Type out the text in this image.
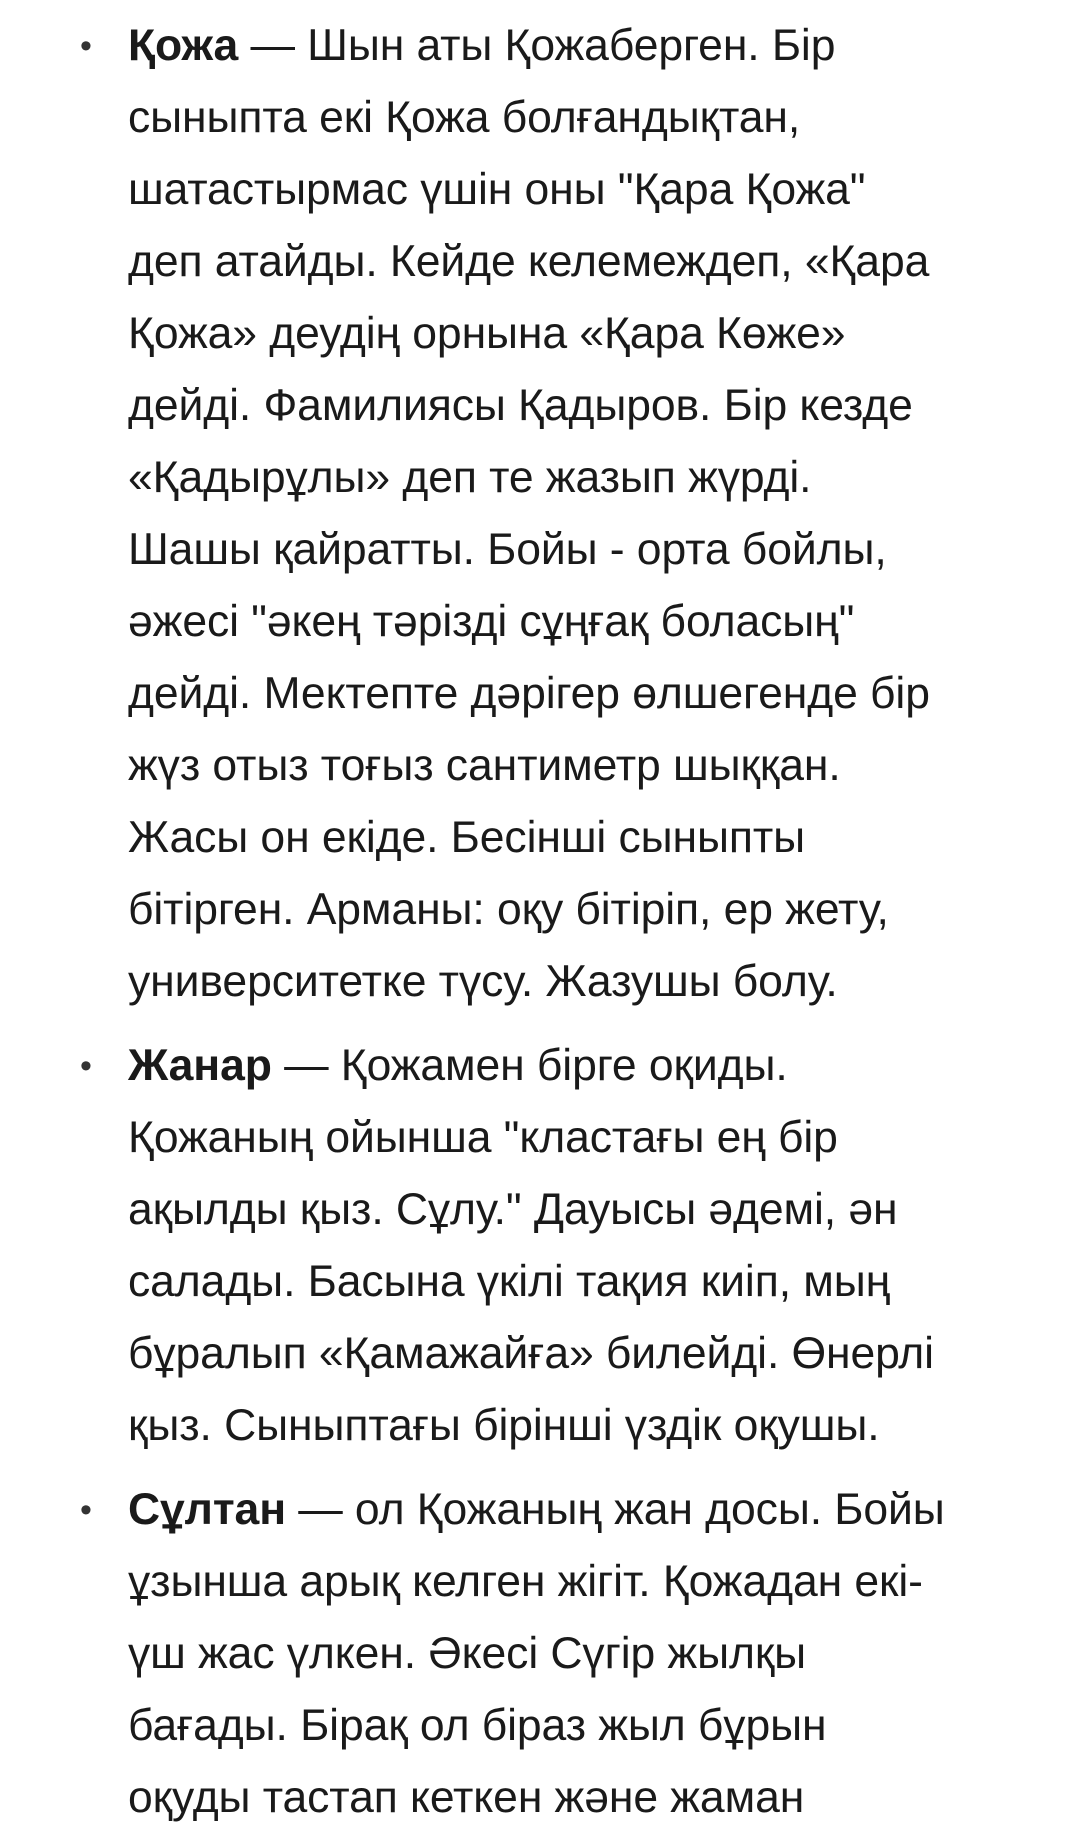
• Қожа — Шын аты Қожаберген. Бір
сыныпта екі Қожа болғандықтан,
шатастырмас үшін оны "Қара Қожа"
деп атайды. Кейде келемеждеп, «Қара
Қожа» деудің орнына «Қара Көже»
дейді. Фамилиясы Қадыров. Бір кезде
«Қадырұлы» деп те жазып жүрді.
Шашы қайратты. Бойы - орта бойлы,
әжесі "әкең тәрізді сұңғақ боласың"
дейді. Мектепте дәрігер өлшегенде бір
жүз отыз тоғыз сантиметр шыққан.
Жасы он екіде. Бесінші сыныпты
бітірген. Арманы: оқу бітіріп, ер жету,
университетке түсу. Жазушы болу.
• Жанар — Қожамен бірге оқиды.
Қожаның ойынша "кластағы ең бір
ақылды қыз. Сұлу." Дауысы әдемі, ән
салады. Басына үкілі тақия киіп, мың
бұралып «Қамажайға» билейді. Өнерлі
қыз. Сыныптағы бірінші үздік оқушы.
• Сұлтан — ол Қожаның жан досы. Бойы
ұзынша арық келген жігіт. Қожадан екі-
үш жас үлкен. Әкесі Сүгір жылқы
бағады. Бірақ ол біраз жыл бұрын
оқуды тастап кеткен және жаман
